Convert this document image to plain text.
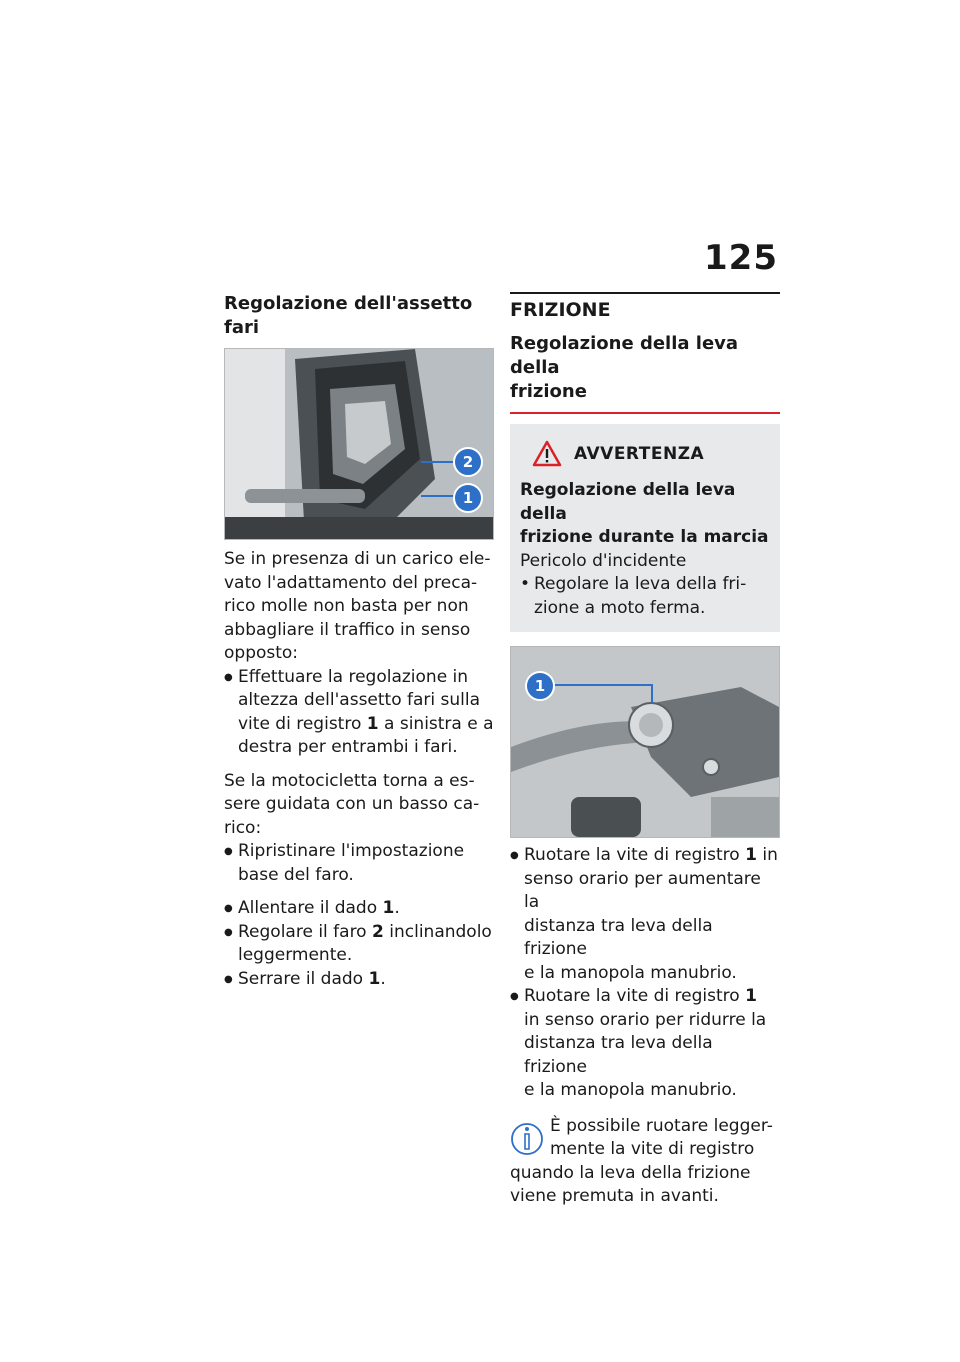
125
Regolazione dell'assetto fari
2
1

Se in presenza di un carico ele-

vato l'adattamento del preca-

rico molle non basta per non

abbagliare il traffico in senso

opposto:

● Effettuare la regolazione in
altezza dell'assetto fari sulla
vite di registro 1 a sinistra e a
destra per entrambi i fari.

Se la motocicletta torna a es-

sere guidata con un basso ca-

rico:

● Ripristinare l'impostazione
base del faro.
● Allentare il dado 1.
● Regolare il faro 2 inclinandolo
leggermente.
● Serrare il dado 1.
FRIZIONE
Regolazione della leva della
frizione
AVVERTENZA
Regolazione della leva della
frizione durante la marcia

Pericolo d'incidente

• Regolare la leva della fri-
zione a moto ferma.
1
● Ruotare la vite di registro 1 in
senso orario per aumentare la
distanza tra leva della frizione
e la manopola manubrio.
● Ruotare la vite di registro 1
in senso orario per ridurre la
distanza tra leva della frizione
e la manopola manubrio.

È possibile ruotare legger-

mente la vite di registro

quando la leva della frizione

viene premuta in avanti.
